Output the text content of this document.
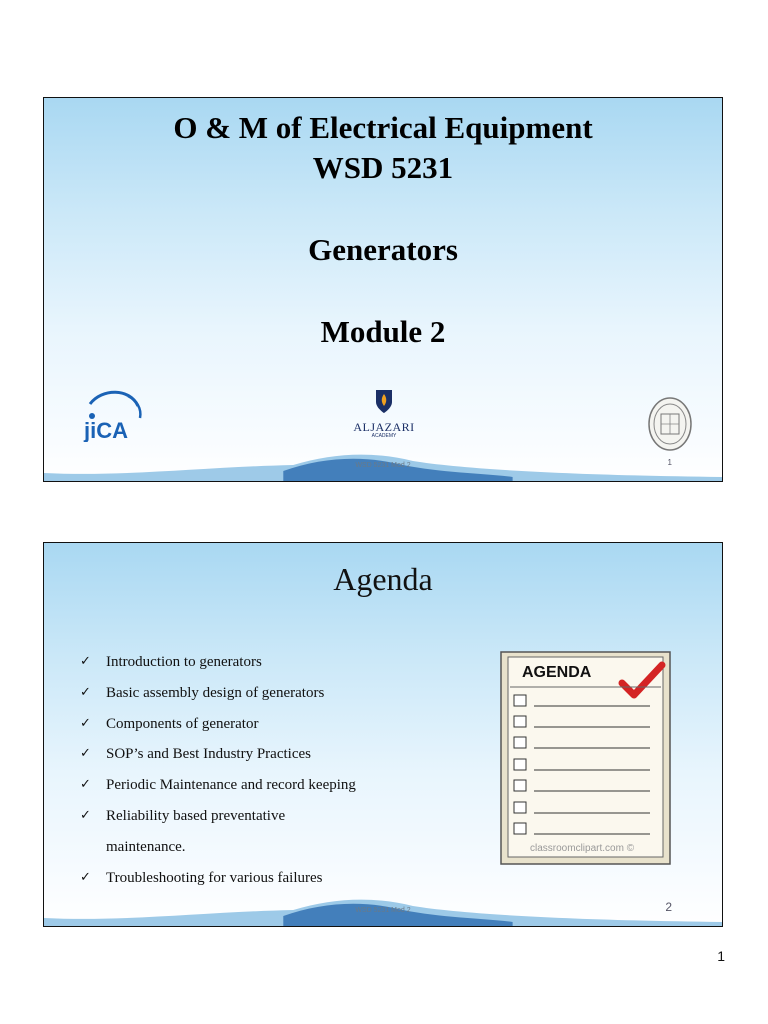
O & M of Electrical Equipment
WSD 5231
Generators
Module 2
jiCA	ALJAZARI
ACADEMY
WSD 5231 Mod 2	1
Agenda
✓ Introduction to generators
✓ Basic assembly design of generators
✓ Components of generator
✓ SOP’s and Best Industry Practices
✓ Periodic Maintenance and record keeping
✓ Reliability based preventative
maintenance.
✓ Troubleshooting for various failures
AGENDA
classroomclipart.com ©
WSD 5231 Mod 2	2
1
